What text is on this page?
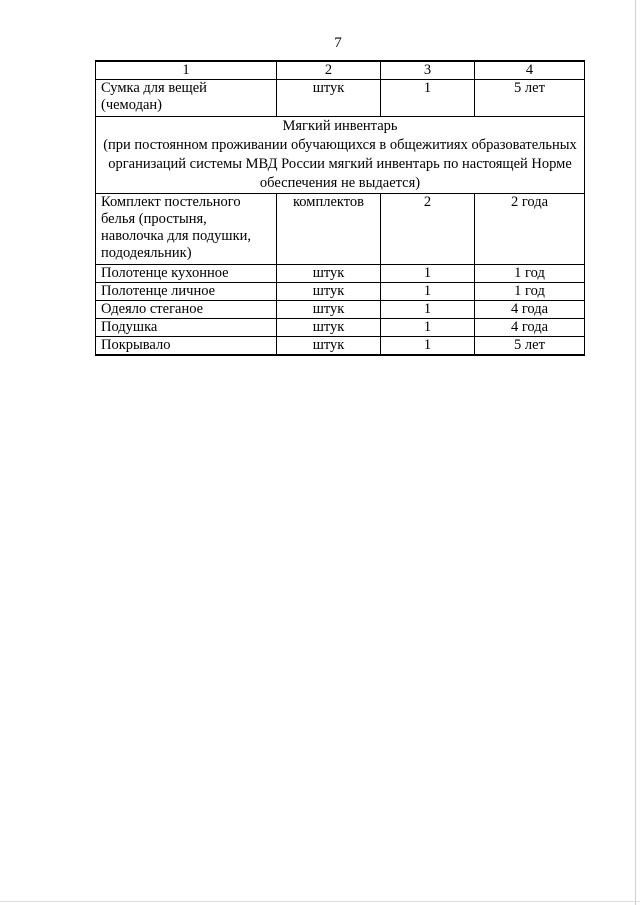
7
1	2	3	4
Сумка для вещей (чемодан)	штук	1	5 лет

Мягкий инвентарь
(при постоянном проживании обучающихся в общежитиях образовательных организаций системы МВД России мягкий инвентарь по настоящей Норме обеспечения не выдается)			

Комплект постельного белья (простыня, наволочка для подушки, пододеяльник)	комплектов	2	2 года
Полотенце кухонное	штук	1	1 год
Полотенце личное	штук	1	1 год
Одеяло стеганое	штук	1	4 года
Подушка	штук	1	4 года
Покрывало	штук	1	5 лет
